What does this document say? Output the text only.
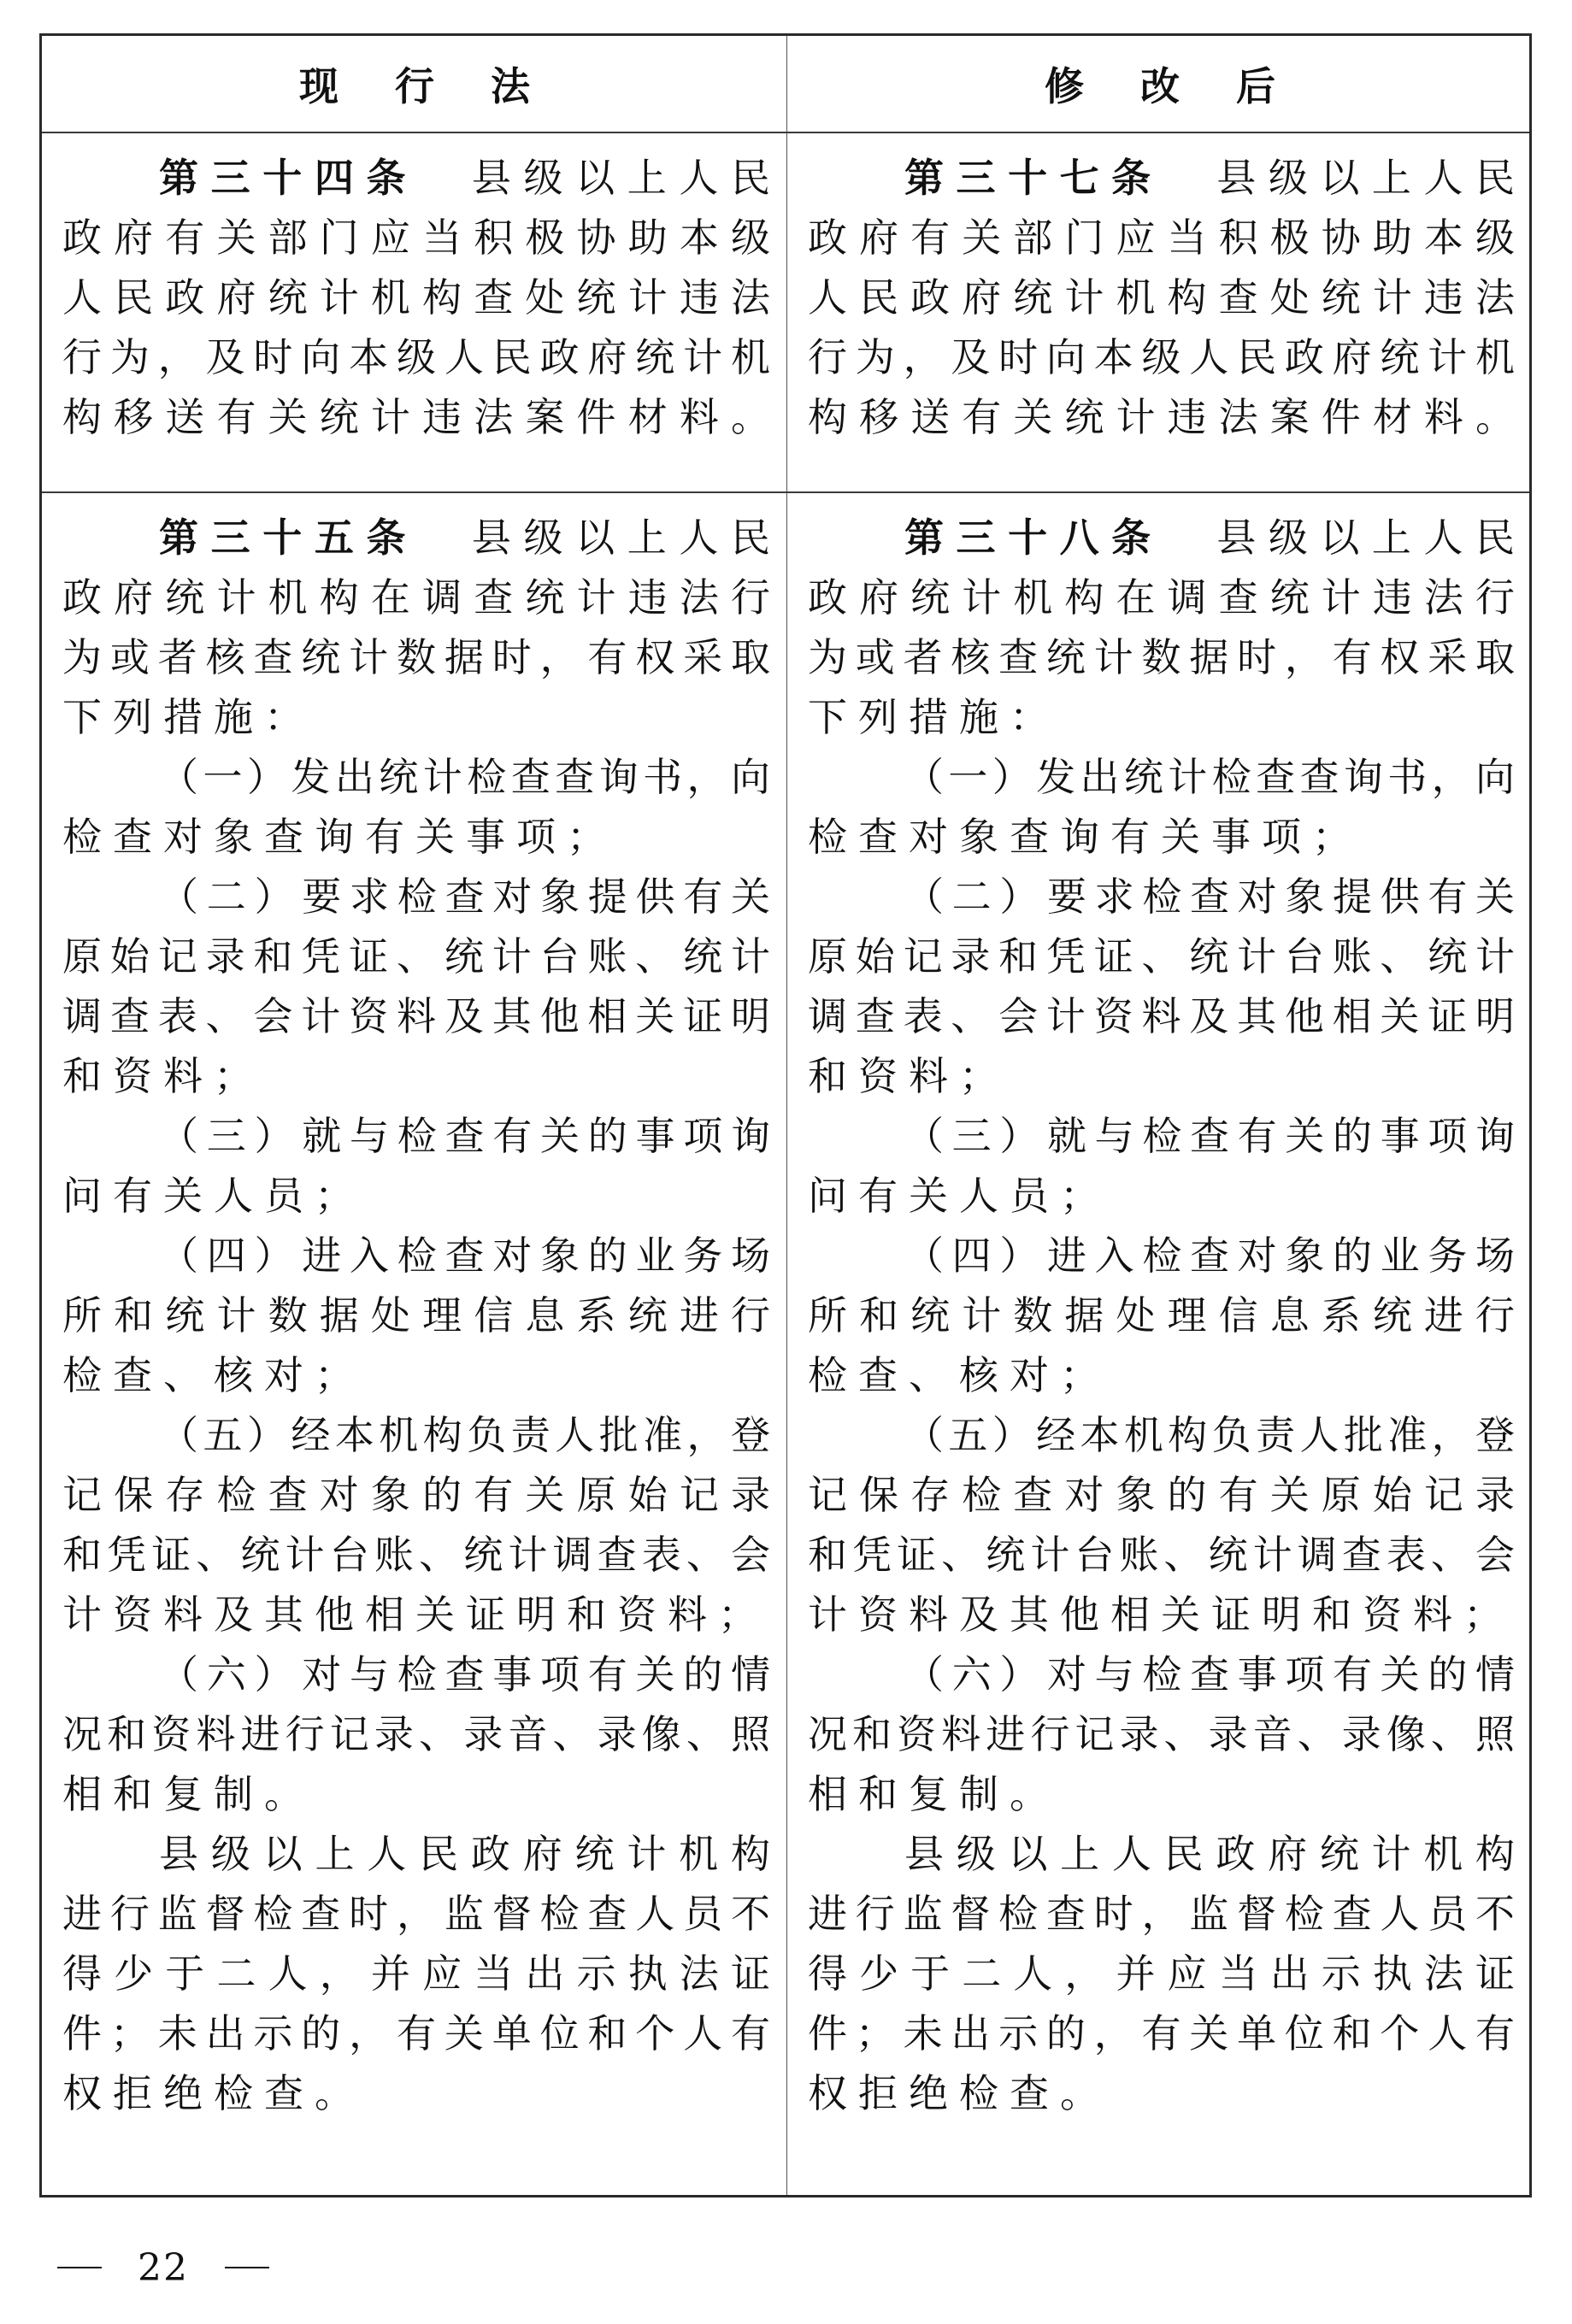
现行法	修改后
第三十四条 县级以上人民
政府有关部门应当积极协助本级
人民政府统计机构查处统计违法
行为，及时向本级人民政府统计机
构移送有关统计违法案件材料。
第三十七条 县级以上人民
政府有关部门应当积极协助本级
人民政府统计机构查处统计违法
行为，及时向本级人民政府统计机
构移送有关统计违法案件材料。
第三十五条 县级以上人民
政府统计机构在调查统计违法行
为或者核查统计数据时，有权采取
下列措施：
（一）发出统计检查查询书，向
检查对象查询有关事项；
（二）要求检查对象提供有关
原始记录和凭证、统计台账、统计
调查表、会计资料及其他相关证明
和资料；
（三）就与检查有关的事项询
问有关人员；
（四）进入检查对象的业务场
所和统计数据处理信息系统进行
检查、核对；
（五）经本机构负责人批准，登
记保存检查对象的有关原始记录
和凭证、统计台账、统计调查表、会
计资料及其他相关证明和资料；
（六）对与检查事项有关的情
况和资料进行记录、录音、录像、照
相和复制。
县级以上人民政府统计机构
进行监督检查时，监督检查人员不
得少于二人，并应当出示执法证
件；未出示的，有关单位和个人有
权拒绝检查。
第三十八条 县级以上人民
政府统计机构在调查统计违法行
为或者核查统计数据时，有权采取
下列措施：
（一）发出统计检查查询书，向
检查对象查询有关事项；
（二）要求检查对象提供有关
原始记录和凭证、统计台账、统计
调查表、会计资料及其他相关证明
和资料；
（三）就与检查有关的事项询
问有关人员；
（四）进入检查对象的业务场
所和统计数据处理信息系统进行
检查、核对；
（五）经本机构负责人批准，登
记保存检查对象的有关原始记录
和凭证、统计台账、统计调查表、会
计资料及其他相关证明和资料；
（六）对与检查事项有关的情
况和资料进行记录、录音、录像、照
相和复制。
县级以上人民政府统计机构
进行监督检查时，监督检查人员不
得少于二人，并应当出示执法证
件；未出示的，有关单位和个人有
权拒绝检查。
22
